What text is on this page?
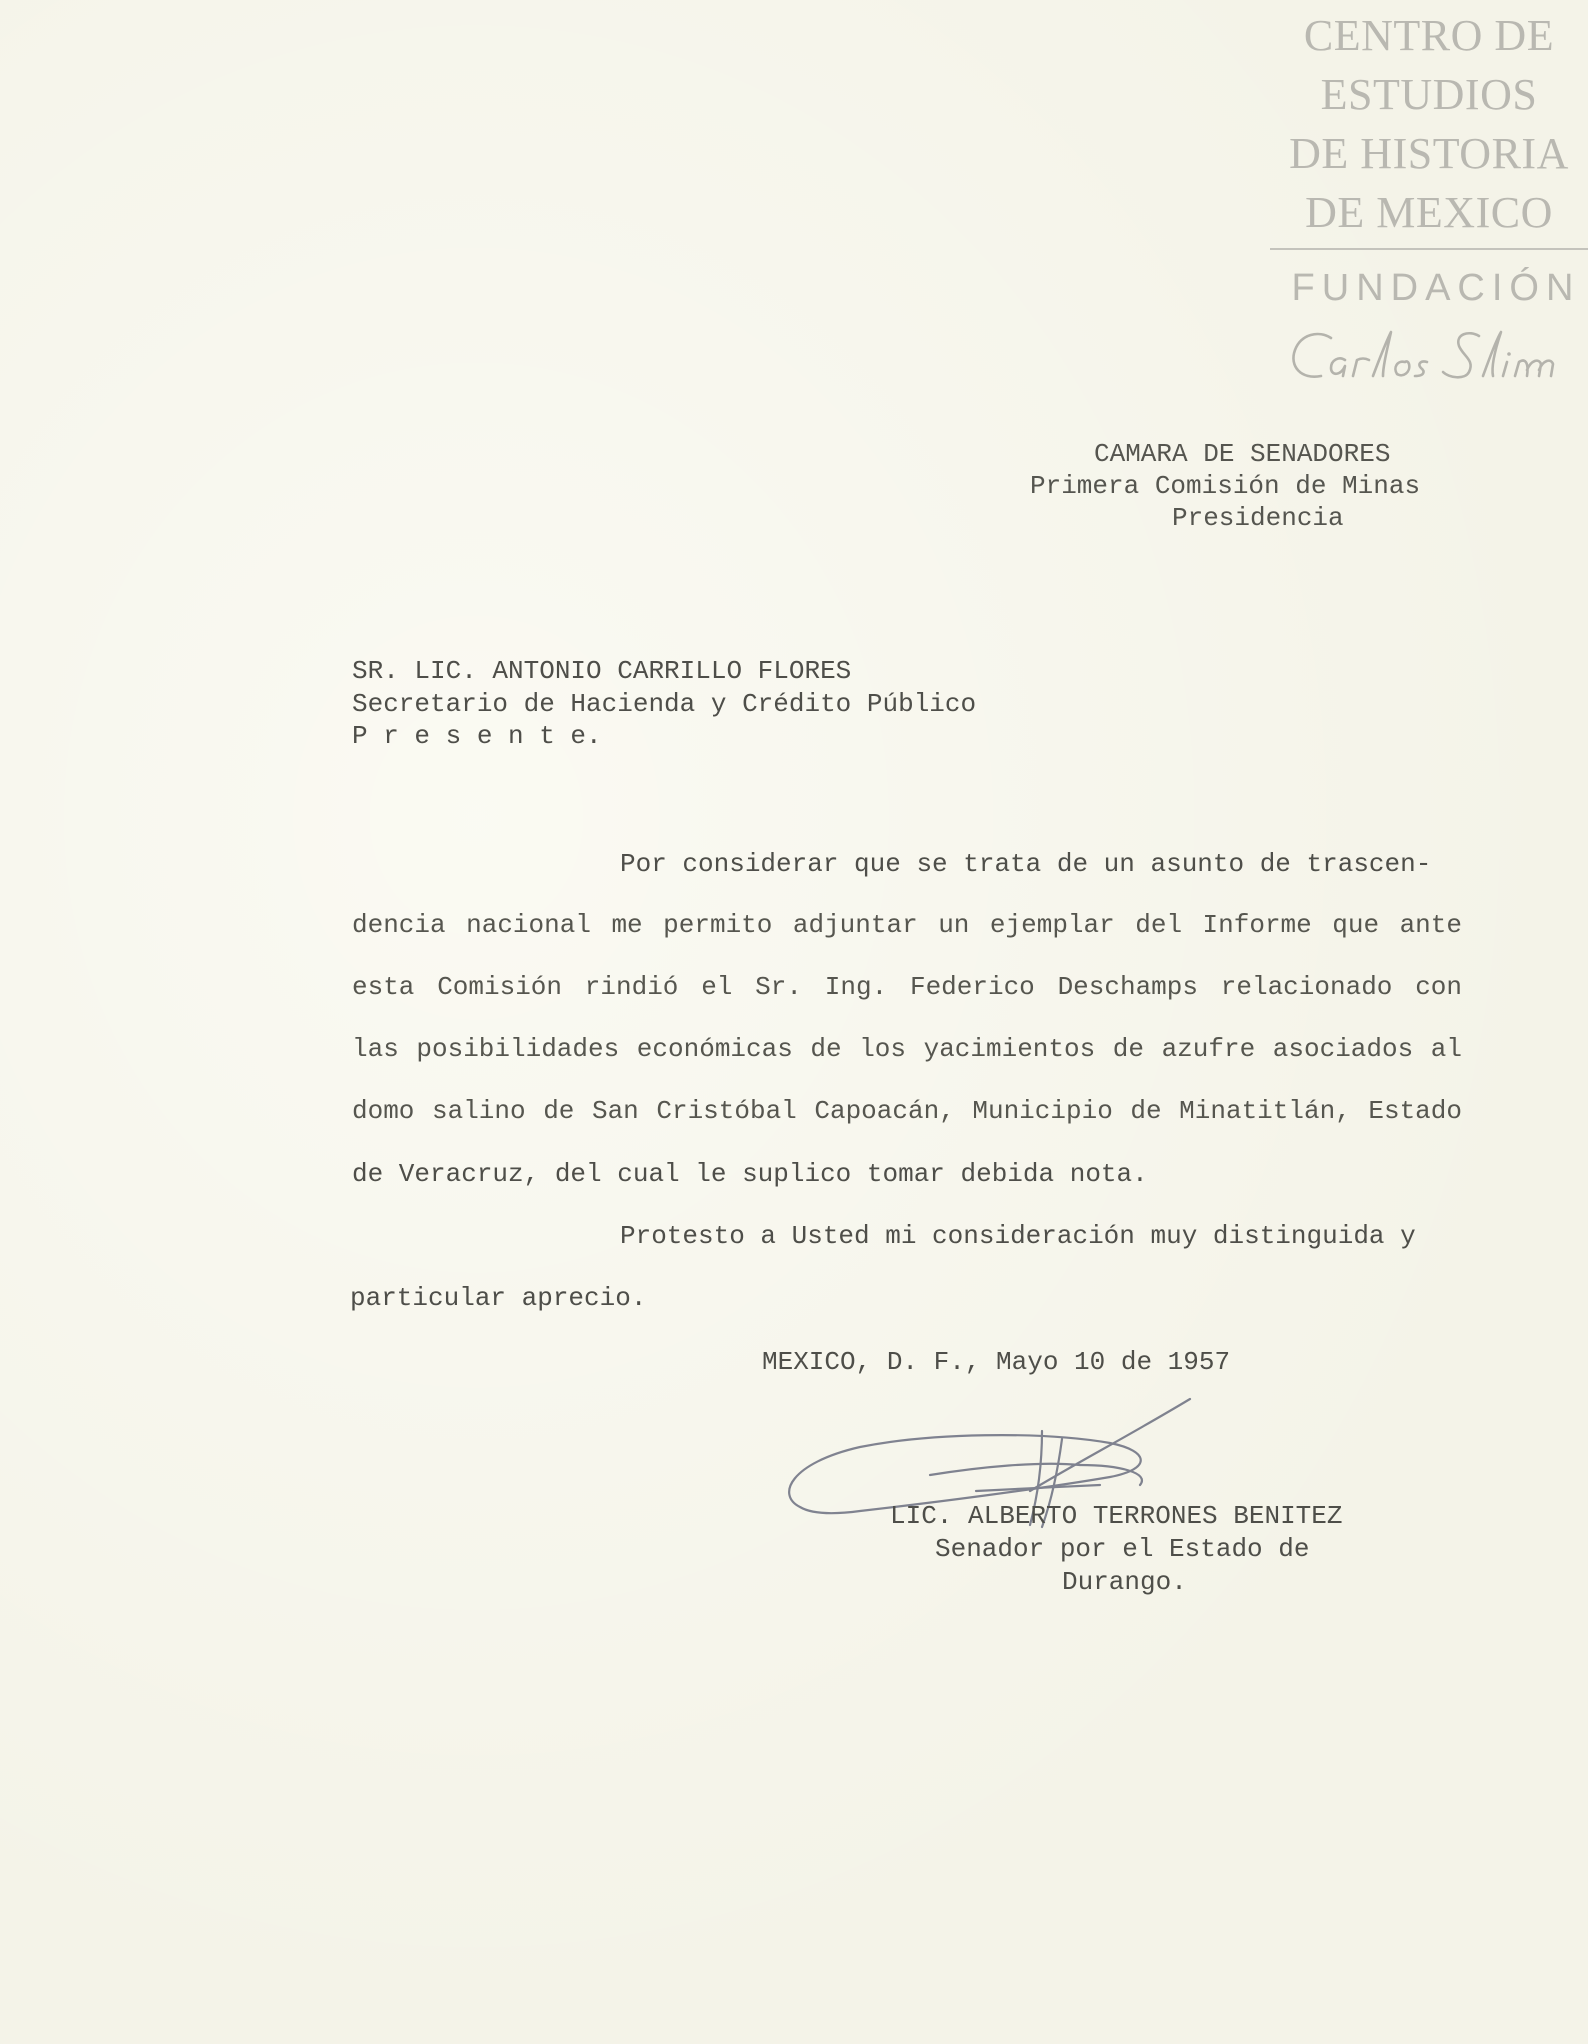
CENTRO DE
ESTUDIOS
DE HISTORIA
DE MEXICO
FUNDACIÓN
CAMARA DE SENADORES
Primera Comisión de Minas
Presidencia
SR. LIC. ANTONIO CARRILLO FLORES
Secretario de Hacienda y Crédito Público
P r e s e n t e.
Por considerar que se trata de un asunto de trascen-
dencia nacional me permito adjuntar un ejemplar del Informe que ante
esta Comisión rindió el Sr. Ing. Federico Deschamps relacionado con
las posibilidades económicas de los yacimientos de azufre asociados al
domo salino de San Cristóbal Capoacán, Municipio de Minatitlán, Estado
de Veracruz, del cual le suplico tomar debida nota.
Protesto a Usted mi consideración muy distinguida y
particular aprecio.
MEXICO, D. F., Mayo 10 de 1957
LIC. ALBERTO TERRONES BENITEZ
Senador por el Estado de
Durango.
